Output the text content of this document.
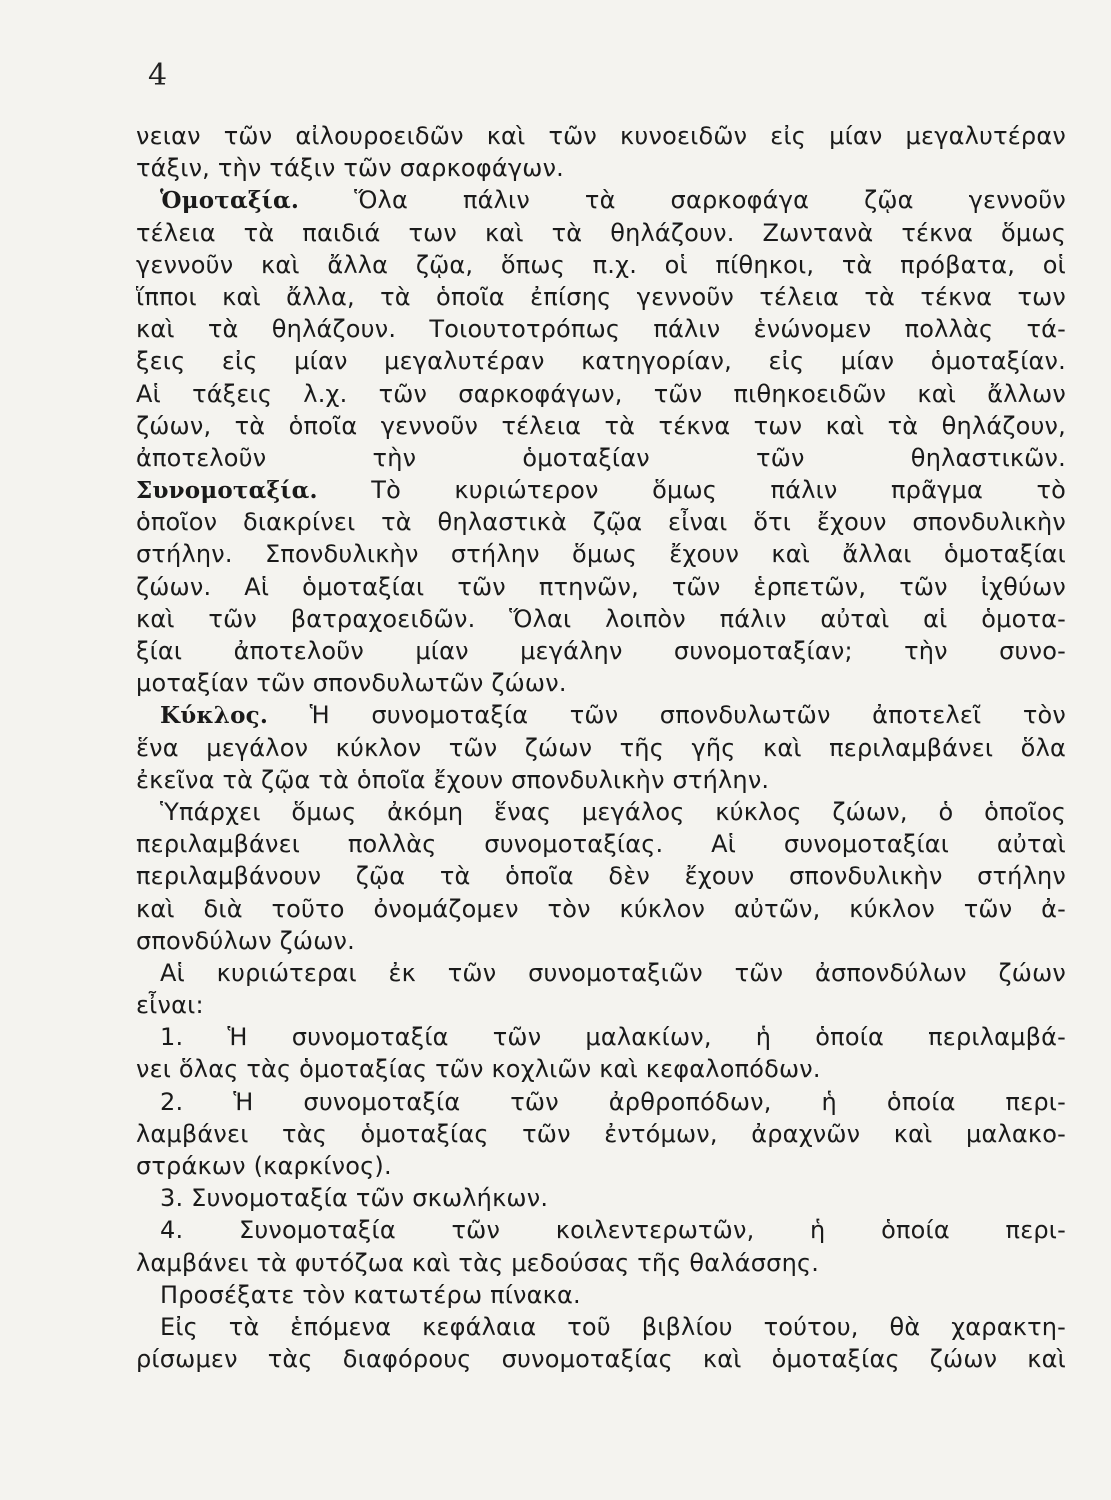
4
νειαν τῶν αἰλουροειδῶν καὶ τῶν κυνοειδῶν εἰς μίαν μεγαλυτέραν
τάξιν, τὴν τάξιν τῶν σαρκοφάγων.
Ὁμοταξία. Ὅλα πάλιν τὰ σαρκοφάγα ζῷα γεννοῦν
τέλεια τὰ παιδιά των καὶ τὰ θηλάζουν. Ζωντανὰ τέκνα ὅμως
γεννοῦν καὶ ἄλλα ζῷα, ὅπως π.χ. οἱ πίθηκοι, τὰ πρόβατα, οἱ
ἵπποι καὶ ἄλλα, τὰ ὁποῖα ἐπίσης γεννοῦν τέλεια τὰ τέκνα των
καὶ τὰ θηλάζουν. Τοιουτοτρόπως πάλιν ἑνώνομεν πολλὰς τά-
ξεις εἰς μίαν μεγαλυτέραν κατηγορίαν, εἰς μίαν ὁμοταξίαν.
Αἱ τάξεις λ.χ. τῶν σαρκοφάγων, τῶν πιθηκοειδῶν καὶ ἄλλων
ζώων, τὰ ὁποῖα γεννοῦν τέλεια τὰ τέκνα των καὶ τὰ θηλάζουν,
ἀποτελοῦν τὴν ὁμοταξίαν τῶν θηλαστικῶν.
Συνομοταξία. Τὸ κυριώτερον ὅμως πάλιν πρᾶγμα τὸ
ὁποῖον διακρίνει τὰ θηλαστικὰ ζῷα εἶναι ὅτι ἔχουν σπονδυλικὴν
στήλην. Σπονδυλικὴν στήλην ὅμως ἔχουν καὶ ἄλλαι ὁμοταξίαι
ζώων. Αἱ ὁμοταξίαι τῶν πτηνῶν, τῶν ἑρπετῶν, τῶν ἰχθύων
καὶ τῶν βατραχοειδῶν. Ὅλαι λοιπὸν πάλιν αὐταὶ αἱ ὁμοτα-
ξίαι ἀποτελοῦν μίαν μεγάλην συνομοταξίαν; τὴν συνο-
μοταξίαν τῶν σπονδυλωτῶν ζώων.
Κύκλος. Ἡ συνομοταξία τῶν σπονδυλωτῶν ἀποτελεῖ τὸν
ἕνα μεγάλον κύκλον τῶν ζώων τῆς γῆς καὶ περιλαμβάνει ὅλα
ἐκεῖνα τὰ ζῷα τὰ ὁποῖα ἔχουν σπονδυλικὴν στήλην.
Ὑπάρχει ὅμως ἀκόμη ἕνας μεγάλος κύκλος ζώων, ὁ ὁποῖος
περιλαμβάνει πολλὰς συνομοταξίας. Αἱ συνομοταξίαι αὐταὶ
περιλαμβάνουν ζῷα τὰ ὁποῖα δὲν ἔχουν σπονδυλικὴν στήλην
καὶ διὰ τοῦτο ὀνομάζομεν τὸν κύκλον αὐτῶν, κύκλον τῶν ἀ-
σπονδύλων ζώων.
Αἱ κυριώτεραι ἐκ τῶν συνομοταξιῶν τῶν ἀσπονδύλων ζώων
εἶναι:
1. Ἡ συνομοταξία τῶν μαλακίων, ἡ ὁποία περιλαμβά-
νει ὅλας τὰς ὁμοταξίας τῶν κοχλιῶν καὶ κεφαλοπόδων.
2. Ἡ συνομοταξία τῶν ἀρθροπόδων, ἡ ὁποία περι-
λαμβάνει τὰς ὁμοταξίας τῶν ἐντόμων, ἀραχνῶν καὶ μαλακο-
στράκων (καρκίνος).
3. Συνομοταξία τῶν σκωλήκων.
4. Συνομοταξία τῶν κοιλεντερωτῶν, ἡ ὁποία περι-
λαμβάνει τὰ φυτόζωα καὶ τὰς μεδούσας τῆς θαλάσσης.
Προσέξατε τὸν κατωτέρω πίνακα.
Εἰς τὰ ἑπόμενα κεφάλαια τοῦ βιβλίου τούτου, θὰ χαρακτη-
ρίσωμεν τὰς διαφόρους συνομοταξίας καὶ ὁμοταξίας ζώων καὶ
